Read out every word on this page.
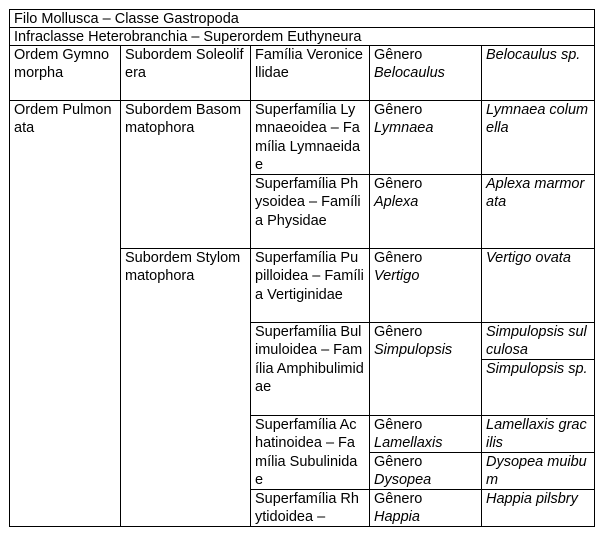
Filo Mollusca – Classe Gastropoda
Infraclasse Heterobranchia – Superordem Euthyneura
Ordem Gymnomorpha
Subordem Soleolifera
Família Veronicellidae
Gênero
Belocaulus
Belocaulus sp.
Ordem Pulmonata
Subordem Basommatophora
Superfamília Lymnaeoidea – Família Lymnaeidae
Gênero
Lymnaea
Lymnaea columella
Superfamília Physoidea – Família Physidae
Gênero
Aplexa
Aplexa marmorata
Subordem Stylommatophora
Superfamília Pupilloidea – Família Vertiginidae
Gênero
Vertigo
Vertigo ovata
Superfamília Bulimuloidea – Família Amphibulimidae
Gênero
Simpulopsis
Simpulopsis sulculosa
Simpulopsis sp.
Superfamília Achatinoidea – Família Subulinidae
Gênero
Lamellaxis
Lamellaxis gracilis
Gênero
Dysopea
Dysopea muibum
Superfamília Rhytidoidea –
Gênero
Happia
Happia pilsbry
